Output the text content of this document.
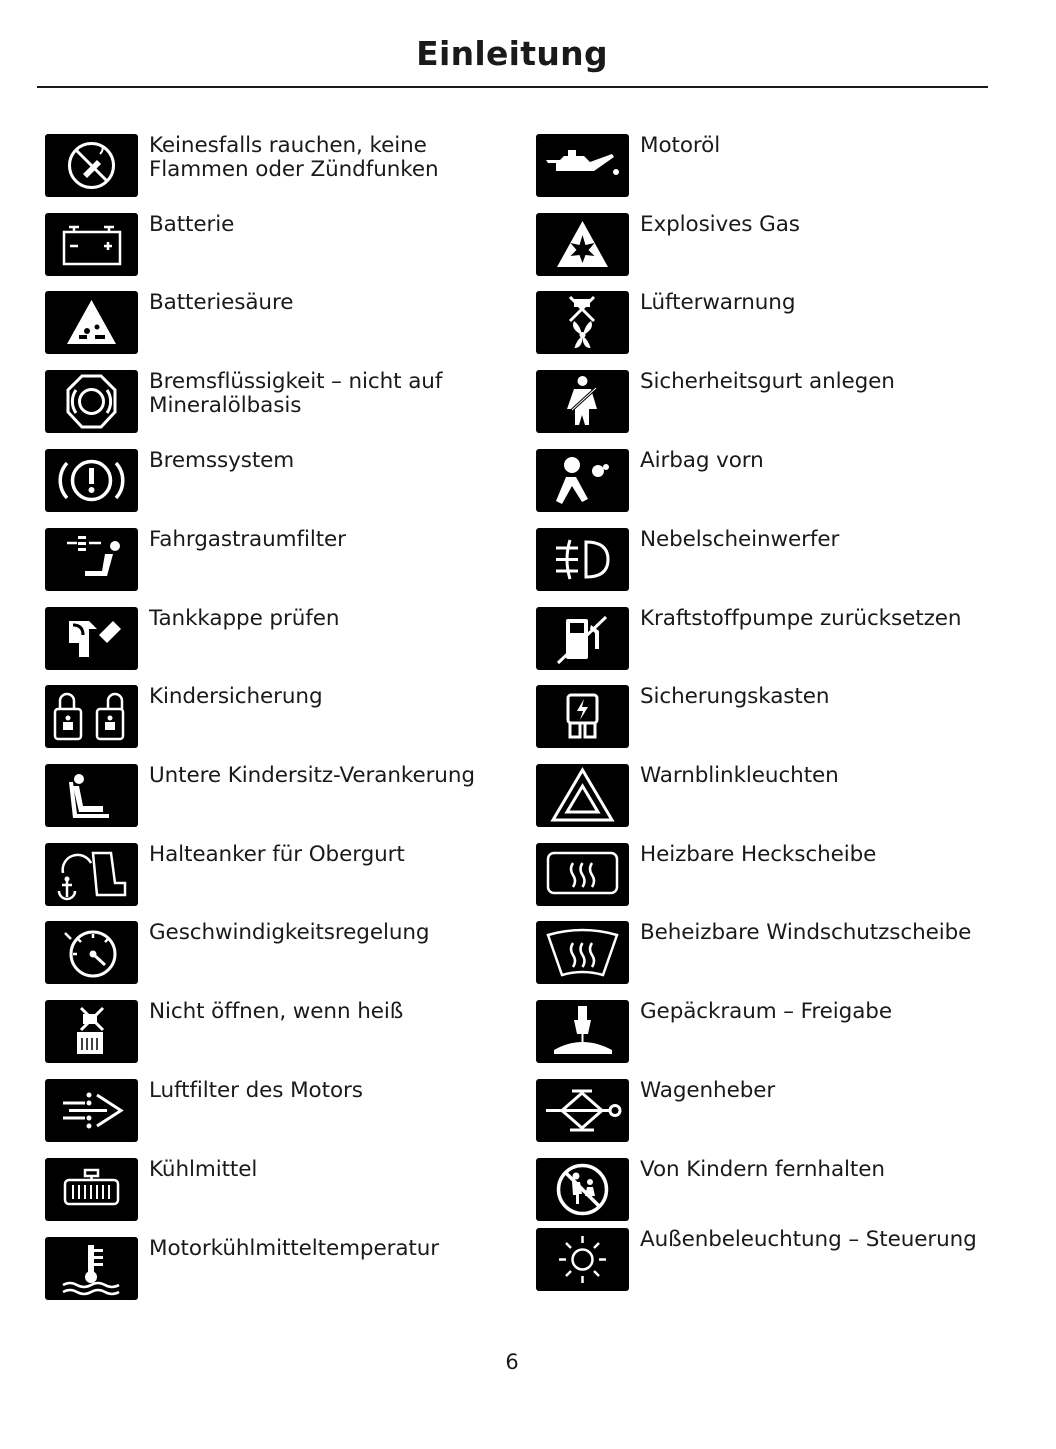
Einleitung
Keinesfalls rauchen, keine
Flammen oder Zündfunken
Batterie
Batteriesäure
Bremsflüssigkeit – nicht auf
Mineralölbasis
Bremssystem
Fahrgastraumfilter
Tankkappe prüfen
Kindersicherung
Untere Kindersitz-Verankerung
Halteanker für Obergurt
Geschwindigkeitsregelung
Nicht öffnen, wenn heiß
Luftfilter des Motors
Kühlmittel
Motorkühlmitteltemperatur
Motoröl
Explosives Gas
Lüfterwarnung
Sicherheitsgurt anlegen
Airbag vorn
Nebelscheinwerfer
Kraftstoffpumpe zurücksetzen
Sicherungskasten
Warnblinkleuchten
Heizbare Heckscheibe
Beheizbare Windschutzscheibe
Gepäckraum – Freigabe
Wagenheber
Von Kindern fernhalten
Außenbeleuchtung – Steuerung
6
